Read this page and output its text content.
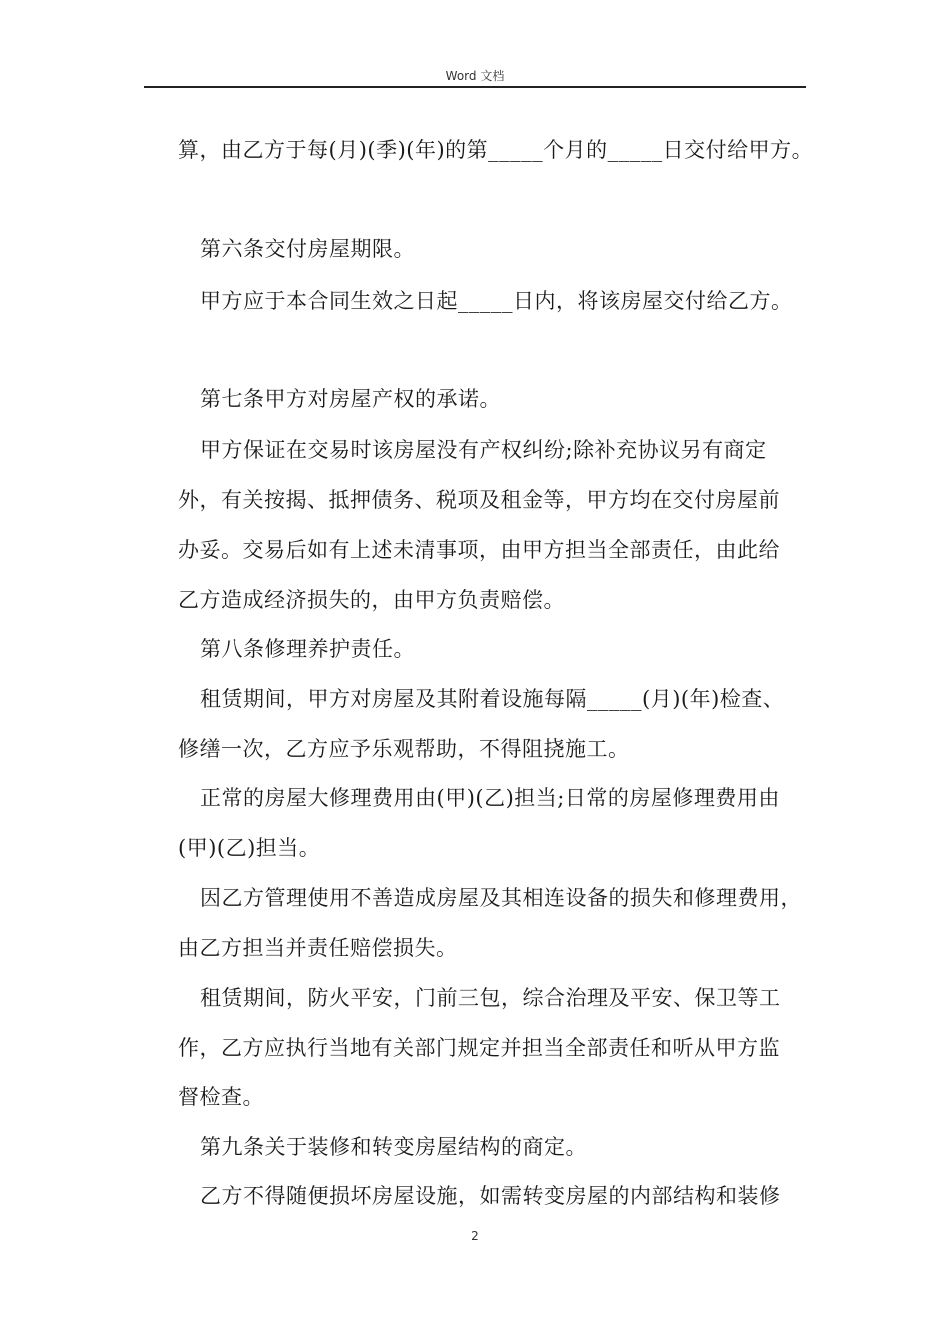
Word 文档
算，由乙方于每(月)(季)(年)的第_____个月的_____日交付给甲方。
第六条交付房屋期限。
甲方应于本合同生效之日起_____日内，将该房屋交付给乙方。
第七条甲方对房屋产权的承诺。
甲方保证在交易时该房屋没有产权纠纷;除补充协议另有商定
外，有关按揭、抵押债务、税项及租金等，甲方均在交付房屋前
办妥。交易后如有上述未清事项，由甲方担当全部责任，由此给
乙方造成经济损失的，由甲方负责赔偿。
第八条修理养护责任。
租赁期间，甲方对房屋及其附着设施每隔_____(月)(年)检查、
修缮一次，乙方应予乐观帮助，不得阻挠施工。
正常的房屋大修理费用由(甲)(乙)担当;日常的房屋修理费用由
(甲)(乙)担当。
因乙方管理使用不善造成房屋及其相连设备的损失和修理费用，
由乙方担当并责任赔偿损失。
租赁期间，防火平安，门前三包，综合治理及平安、保卫等工
作，乙方应执行当地有关部门规定并担当全部责任和听从甲方监
督检查。
第九条关于装修和转变房屋结构的商定。
乙方不得随便损坏房屋设施，如需转变房屋的内部结构和装修
2
